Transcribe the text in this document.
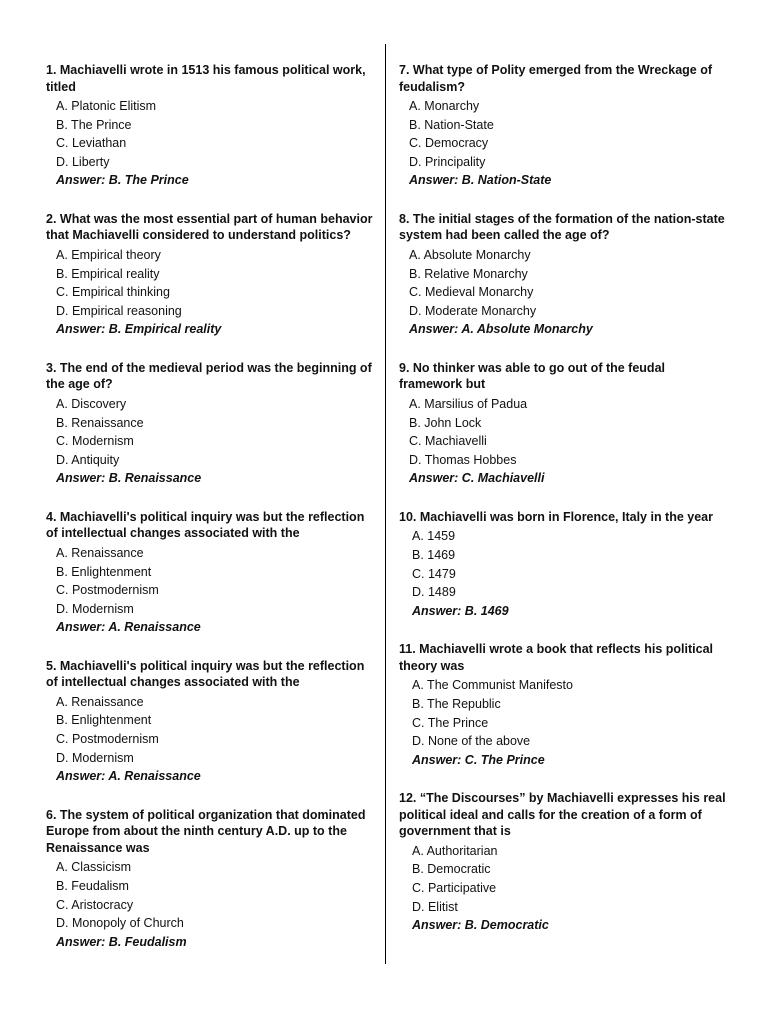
1. Machiavelli wrote in 1513 his famous political work, titled
A. Platonic Elitism
B. The Prince
C. Leviathan
D. Liberty
Answer: B. The Prince
2. What was the most essential part of human behavior that Machiavelli considered to understand politics?
A. Empirical theory
B. Empirical reality
C. Empirical thinking
D. Empirical reasoning
Answer: B. Empirical reality
3. The end of the medieval period was the beginning of the age of?
A. Discovery
B. Renaissance
C. Modernism
D. Antiquity
Answer: B. Renaissance
4. Machiavelli's political inquiry was but the reflection of intellectual changes associated with the
A. Renaissance
B. Enlightenment
C. Postmodernism
D. Modernism
Answer: A. Renaissance
5. Machiavelli's political inquiry was but the reflection of intellectual changes associated with the
A. Renaissance
B. Enlightenment
C. Postmodernism
D. Modernism
Answer: A. Renaissance
6. The system of political organization that dominated Europe from about the ninth century A.D. up to the Renaissance was
A. Classicism
B. Feudalism
C. Aristocracy
D. Monopoly of Church
Answer: B. Feudalism
7. What type of Polity emerged from the Wreckage of feudalism?
A. Monarchy
B. Nation-State
C. Democracy
D. Principality
Answer: B. Nation-State
8. The initial stages of the formation of the nation-state system had been called the age of?
A. Absolute Monarchy
B. Relative Monarchy
C. Medieval Monarchy
D. Moderate Monarchy
Answer: A. Absolute Monarchy
9. No thinker was able to go out of the feudal framework but
A. Marsilius of Padua
B. John Lock
C. Machiavelli
D. Thomas Hobbes
Answer: C. Machiavelli
10. Machiavelli was born in Florence, Italy in the year
A. 1459
B. 1469
C. 1479
D. 1489
Answer: B. 1469
11. Machiavelli wrote a book that reflects his political theory was
A. The Communist Manifesto
B. The Republic
C. The Prince
D. None of the above
Answer: C. The Prince
12. “The Discourses” by Machiavelli expresses his real political ideal and calls for the creation of a form of government that is
A. Authoritarian
B. Democratic
C. Participative
D. Elitist
Answer: B. Democratic
